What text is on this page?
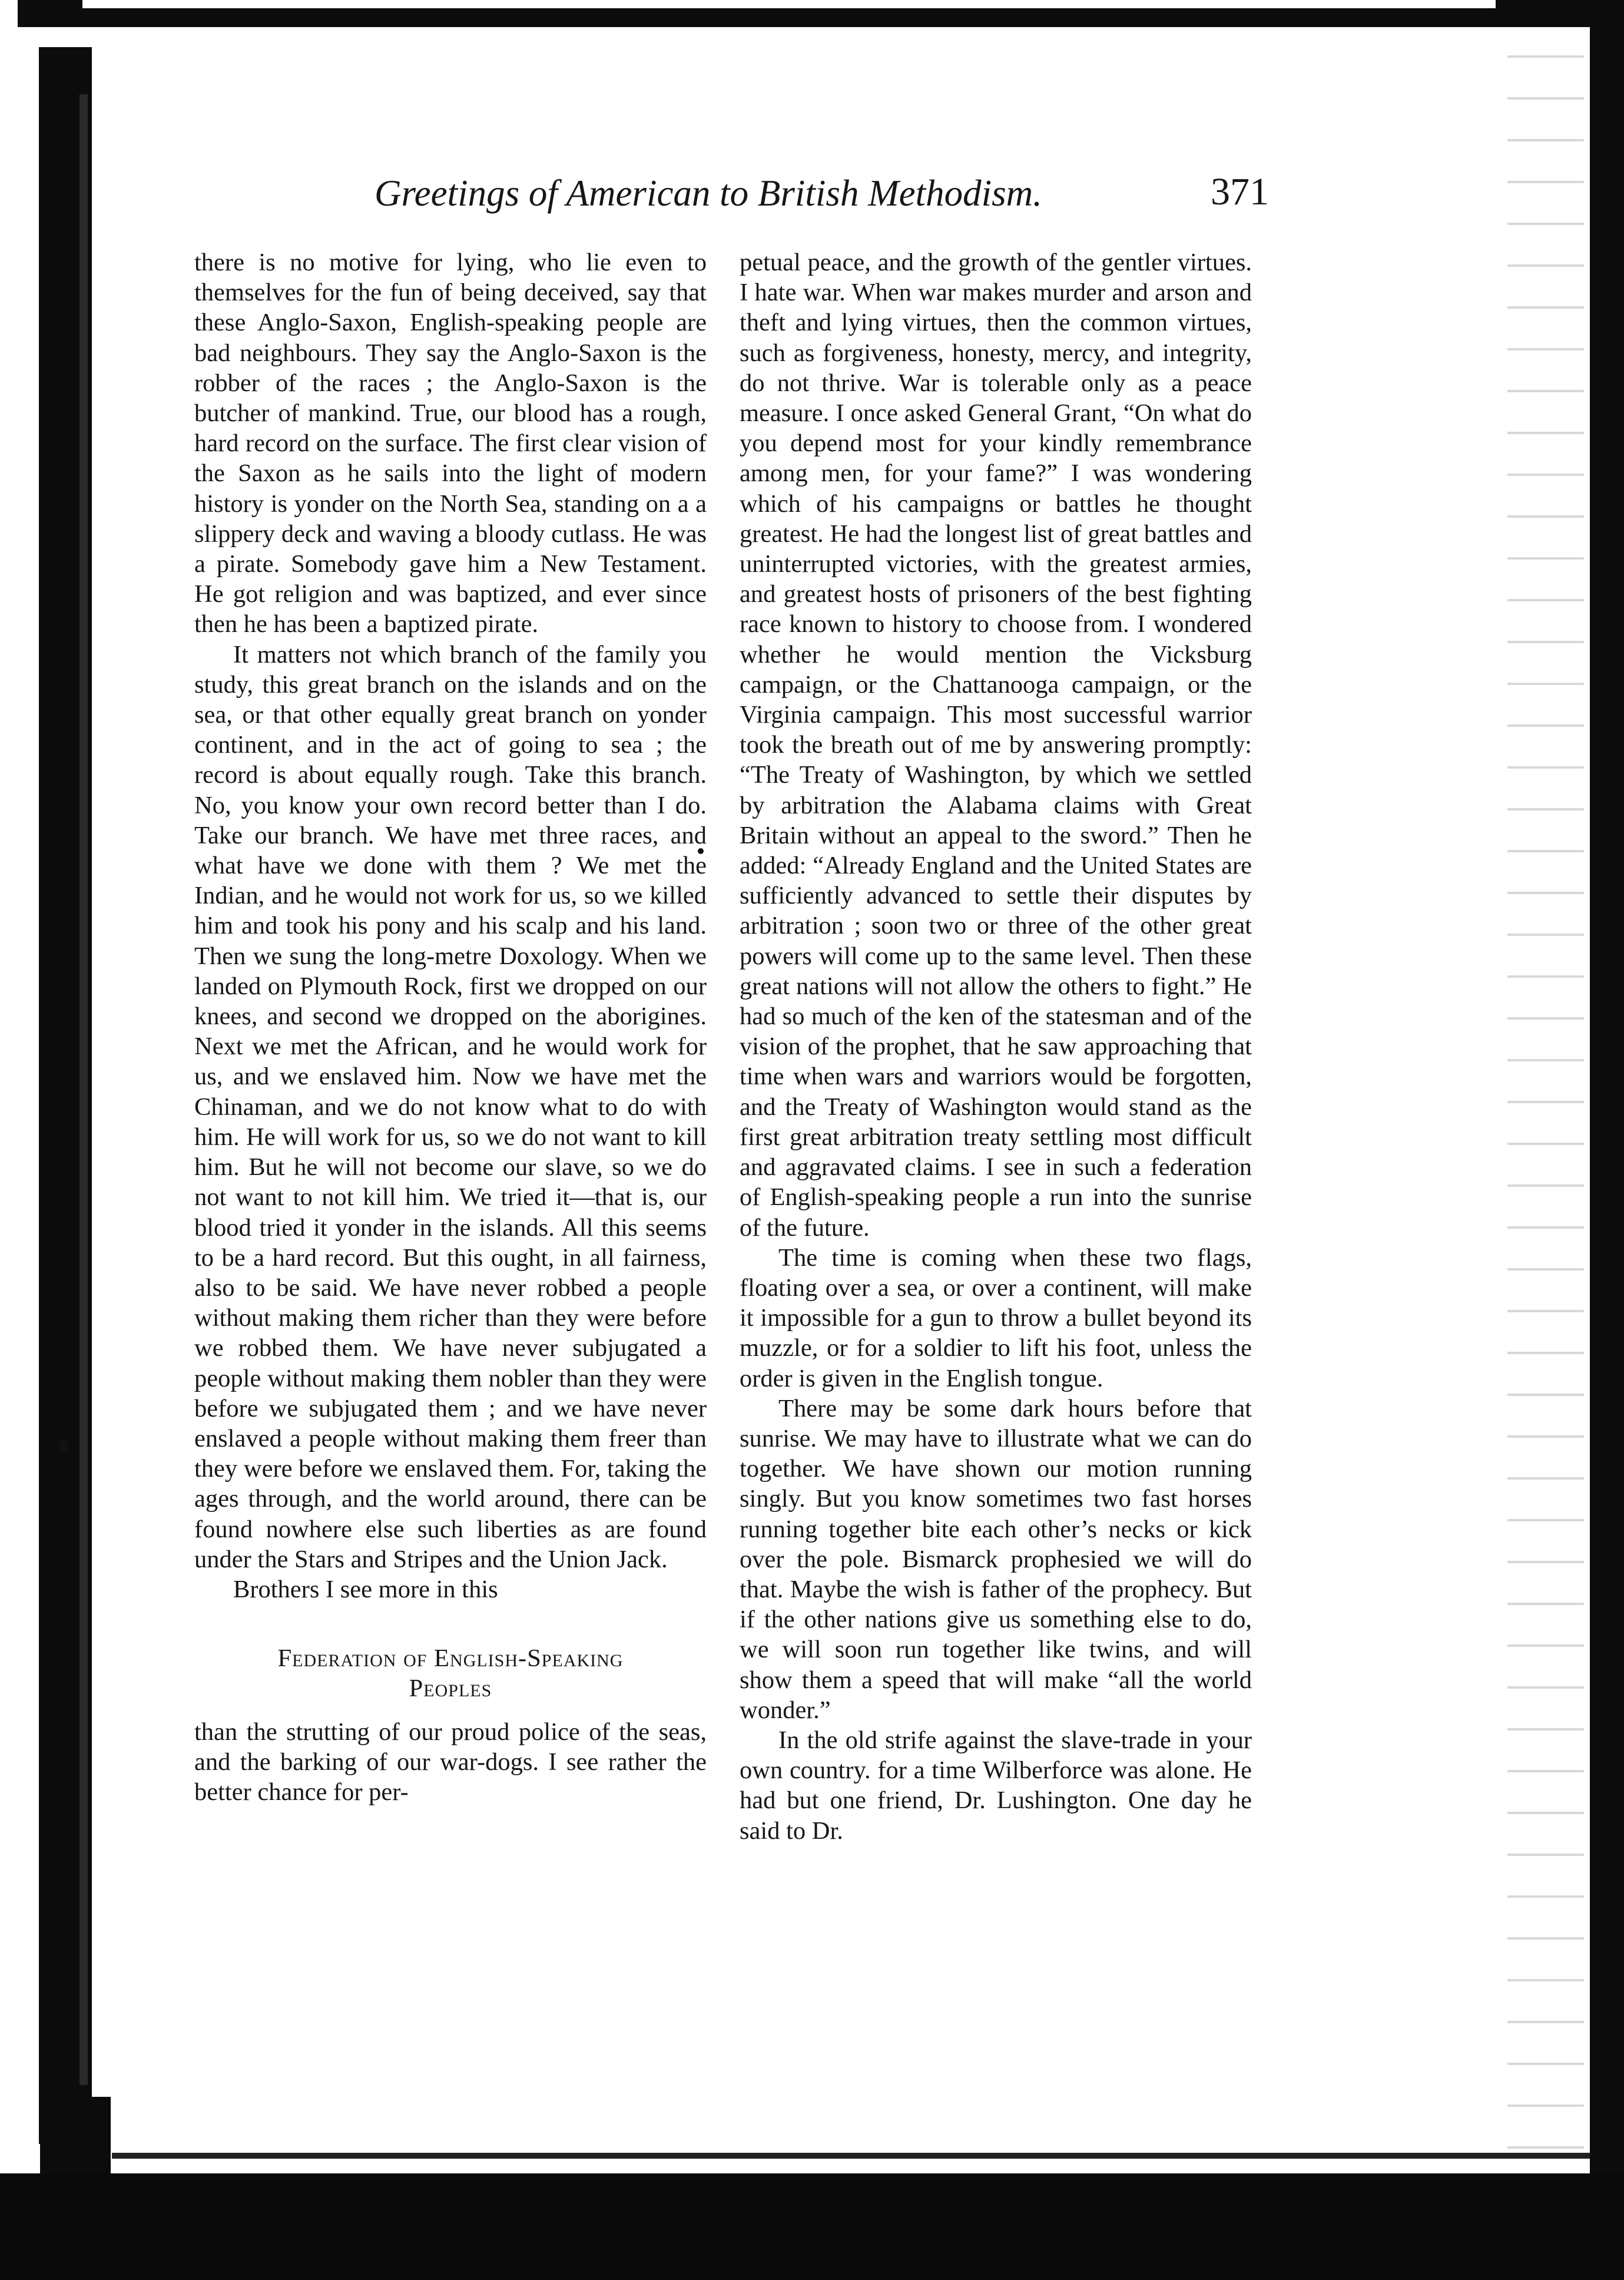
Greetings of American to British Methodism.	371

there is no motive for lying, who lie even to themselves for the fun of being deceived, say that these Anglo-Saxon, English-speaking people are bad neighbours. They say the Anglo-Saxon is the robber of the races ; the Anglo-Saxon is the butcher of mankind. True, our blood has a rough, hard record on the surface. The first clear vision of the Saxon as he sails into the light of modern history is yonder on the North Sea, standing on a a slippery deck and waving a bloody cutlass. He was a pirate. Somebody gave him a New Testament. He got religion and was baptized, and ever since then he has been a baptized pirate.

It matters not which branch of the family you study, this great branch on the islands and on the sea, or that other equally great branch on yonder continent, and in the act of going to sea ; the record is about equally rough. Take this branch. No, you know your own record better than I do. Take our branch. We have met three races, and what have we done with them ? We met the Indian, and he would not work for us, so we killed him and took his pony and his scalp and his land. Then we sung the long-metre Doxology. When we landed on Plymouth Rock, first we dropped on our knees, and second we dropped on the aborigines. Next we met the African, and he would work for us, and we enslaved him. Now we have met the Chinaman, and we do not know what to do with him. He will work for us, so we do not want to kill him. But he will not become our slave, so we do not want to not kill him. We tried it—that is, our blood tried it yonder in the islands. All this seems to be a hard record. But this ought, in all fairness, also to be said. We have never robbed a people without making them richer than they were before we robbed them. We have never subjugated a people without making them nobler than they were before we subjugated them ; and we have never enslaved a people without making them freer than they were before we enslaved them. For, taking the ages through, and the world around, there can be found nowhere else such liberties as are found under the Stars and Stripes and the Union Jack.

Brothers I see more in this

Federation of English-Speaking
Peoples

than the strutting of our proud police of the seas, and the barking of our war-dogs. I see rather the better chance for per-

petual peace, and the growth of the gentler virtues. I hate war. When war makes murder and arson and theft and lying virtues, then the common virtues, such as forgiveness, honesty, mercy, and integrity, do not thrive. War is tolerable only as a peace measure. I once asked General Grant, “On what do you depend most for your kindly remembrance among men, for your fame?” I was wondering which of his campaigns or battles he thought greatest. He had the longest list of great battles and uninterrupted victories, with the greatest armies, and greatest hosts of prisoners of the best fighting race known to history to choose from. I wondered whether he would mention the Vicksburg campaign, or the Chattanooga campaign, or the Virginia campaign. This most successful warrior took the breath out of me by answering promptly: “The Treaty of Washington, by which we settled by arbitration the Alabama claims with Great Britain without an appeal to the sword.” Then he added: “Already England and the United States are sufficiently advanced to settle their disputes by arbitration ; soon two or three of the other great powers will come up to the same level. Then these great nations will not allow the others to fight.” He had so much of the ken of the statesman and of the vision of the prophet, that he saw approaching that time when wars and warriors would be forgotten, and the Treaty of Washington would stand as the first great arbitration treaty settling most difficult and aggravated claims. I see in such a federation of English-speaking people a run into the sunrise of the future.

The time is coming when these two flags, floating over a sea, or over a continent, will make it impossible for a gun to throw a bullet beyond its muzzle, or for a soldier to lift his foot, unless the order is given in the English tongue.

There may be some dark hours before that sunrise. We may have to illustrate what we can do together. We have shown our motion running singly. But you know sometimes two fast horses running together bite each other’s necks or kick over the pole. Bismarck prophesied we will do that. Maybe the wish is father of the prophecy. But if the other nations give us something else to do, we will soon run together like twins, and will show them a speed that will make “all the world wonder.”

In the old strife against the slave-trade in your own country. for a time Wilberforce was alone. He had but one friend, Dr. Lushington. One day he said to Dr.
